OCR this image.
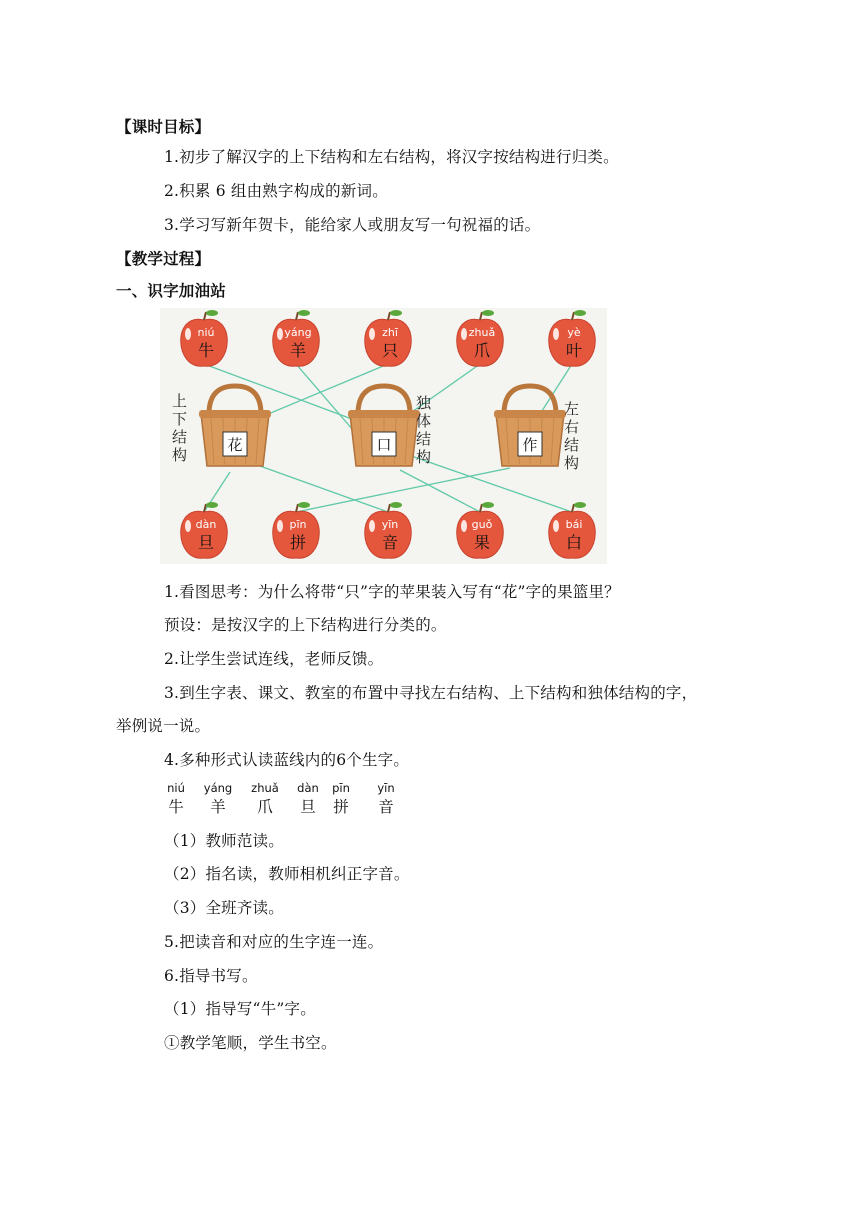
【课时目标】
1.初步了解汉字的上下结构和左右结构，将汉字按结构进行归类。
2.积累 6 组由熟字构成的新词。
3.学习写新年贺卡，能给家人或朋友写一句祝福的话。
【教学过程】
一、识字加油站
花	口	作
niú
牛
yáng
羊
zhī
只
zhuǎ
爪
yè
叶
dàn
旦
pīn
拼
yīn
音
guǒ
果
bái
白
上下结构
独体结构
左右结构
1.看图思考：为什么将带“只”字的苹果装入写有“花”字的果篮里？
预设：是按汉字的上下结构进行分类的。
2.让学生尝试连线，老师反馈。
3.到生字表、课文、教室的布置中寻找左右结构、上下结构和独体结构的字，
举例说一说。
4.多种形式认读蓝线内的6个生字。
niú
牛
yáng
羊
zhuǎ
爪
dàn
旦
pīn
拼
yīn
音
（1）教师范读。
（2）指名读，教师相机纠正字音。
（3）全班齐读。
5.把读音和对应的生字连一连。
6.指导书写。
（1）指导写“牛”字。
①教学笔顺，学生书空。
